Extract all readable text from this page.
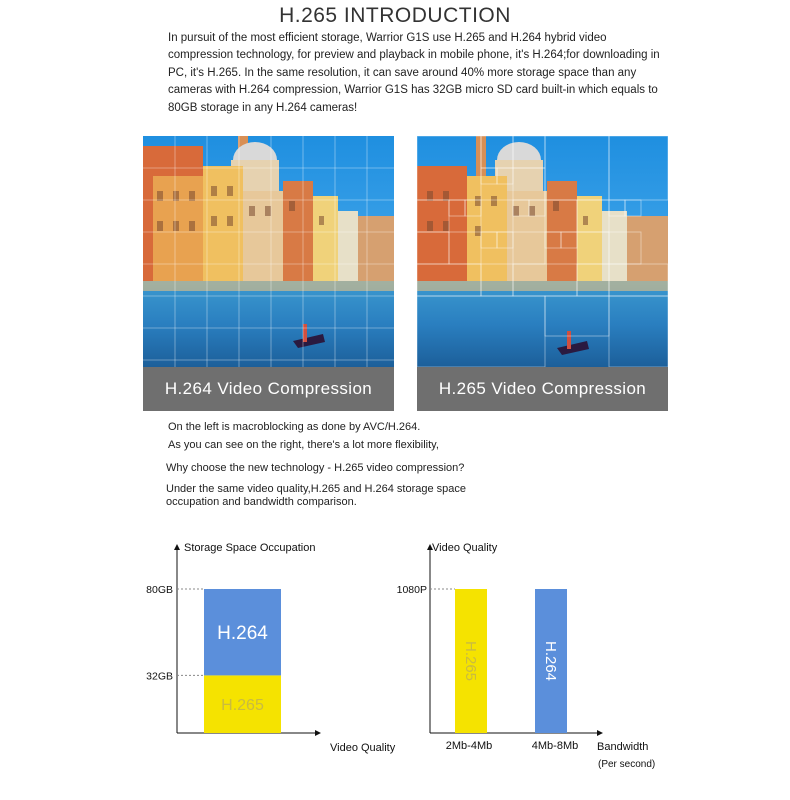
H.265 INTRODUCTION
In pursuit of the most efficient storage, Warrior G1S use H.265 and H.264 hybrid video compression technology, for preview and playback in mobile phone, it's H.264;for downloading in PC, it's H.265. In the same resolution, it can save around 40% more storage space than any cameras with H.264 compression, Warrior G1S has 32GB micro SD card built-in which equals to 80GB storage in any H.264 cameras!
H.264 Video Compression	H.265 Video Compression
On the left is macroblocking as done by AVC/H.264.
As you can see on the right, there's a lot more flexibility,
Why choose the new technology - H.265 video compression?
Under the same video quality,H.265 and H.264 storage space
occupation and bandwidth comparison.
Storage Space Occupation
Video Quality
80GB
32GB
H.264
H.265
Video Quality
Bandwidth
(Per second)
1080P
H.265	H.264
2Mb-4Mb	4Mb-8Mb
